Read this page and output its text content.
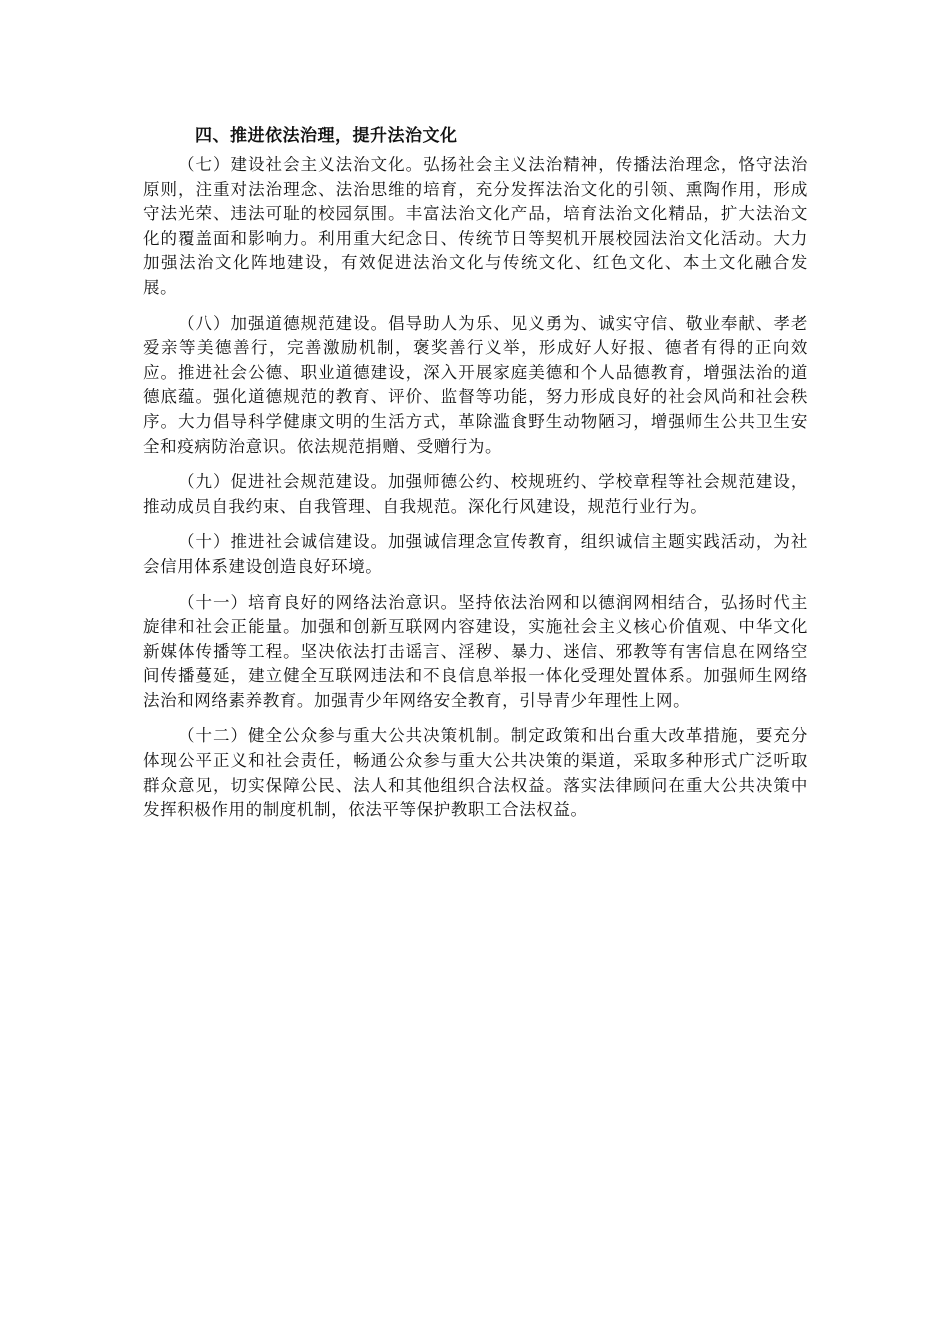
四、推进依法治理，提升法治文化

（七）建设社会主义法治文化。弘扬社会主义法治精神，传播法治理念，恪守法治原则，注重对法治理念、法治思维的培育，充分发挥法治文化的引领、熏陶作用，形成守法光荣、违法可耻的校园氛围。丰富法治文化产品，培育法治文化精品，扩大法治文化的覆盖面和影响力。利用重大纪念日、传统节日等契机开展校园法治文化活动。大力加强法治文化阵地建设，有效促进法治文化与传统文化、红色文化、本土文化融合发展。

（八）加强道德规范建设。倡导助人为乐、见义勇为、诚实守信、敬业奉献、孝老爱亲等美德善行，完善激励机制，褒奖善行义举，形成好人好报、德者有得的正向效应。推进社会公德、职业道德建设，深入开展家庭美德和个人品德教育，增强法治的道德底蕴。强化道德规范的教育、评价、监督等功能，努力形成良好的社会风尚和社会秩序。大力倡导科学健康文明的生活方式，革除滥食野生动物陋习，增强师生公共卫生安全和疫病防治意识。依法规范捐赠、受赠行为。

（九）促进社会规范建设。加强师德公约、校规班约、学校章程等社会规范建设，推动成员自我约束、自我管理、自我规范。深化行风建设，规范行业行为。

（十）推进社会诚信建设。加强诚信理念宣传教育，组织诚信主题实践活动，为社会信用体系建设创造良好环境。

（十一）培育良好的网络法治意识。坚持依法治网和以德润网相结合，弘扬时代主旋律和社会正能量。加强和创新互联网内容建设，实施社会主义核心价值观、中华文化新媒体传播等工程。坚决依法打击谣言、淫秽、暴力、迷信、邪教等有害信息在网络空间传播蔓延，建立健全互联网违法和不良信息举报一体化受理处置体系。加强师生网络法治和网络素养教育。加强青少年网络安全教育，引导青少年理性上网。

（十二）健全公众参与重大公共决策机制。制定政策和出台重大改革措施，要充分体现公平正义和社会责任，畅通公众参与重大公共决策的渠道，采取多种形式广泛听取群众意见，切实保障公民、法人和其他组织合法权益。落实法律顾问在重大公共决策中发挥积极作用的制度机制，依法平等保护教职工合法权益。
